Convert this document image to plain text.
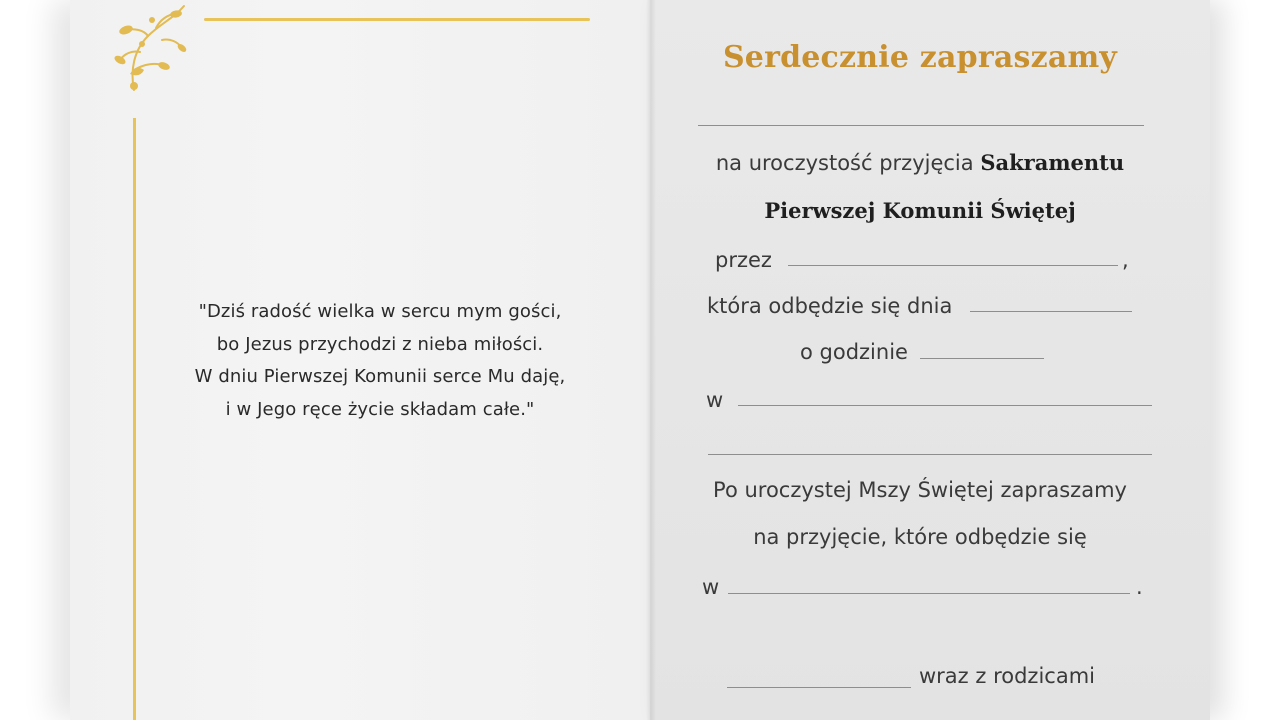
"Dziś radość wielka w sercu mym gości,
bo Jezus przychodzi z nieba miłości.
W dniu Pierwszej Komunii serce Mu daję,
i w Jego ręce życie składam całe."
Serdecznie zapraszamy
na uroczystość przyjęcia Sakramentu
Pierwszej Komunii Świętej
przez	,
która odbędzie się dnia
o godzinie
w
Po uroczystej Mszy Świętej zapraszamy
na przyjęcie, które odbędzie się
w	.
wraz z rodzicami
